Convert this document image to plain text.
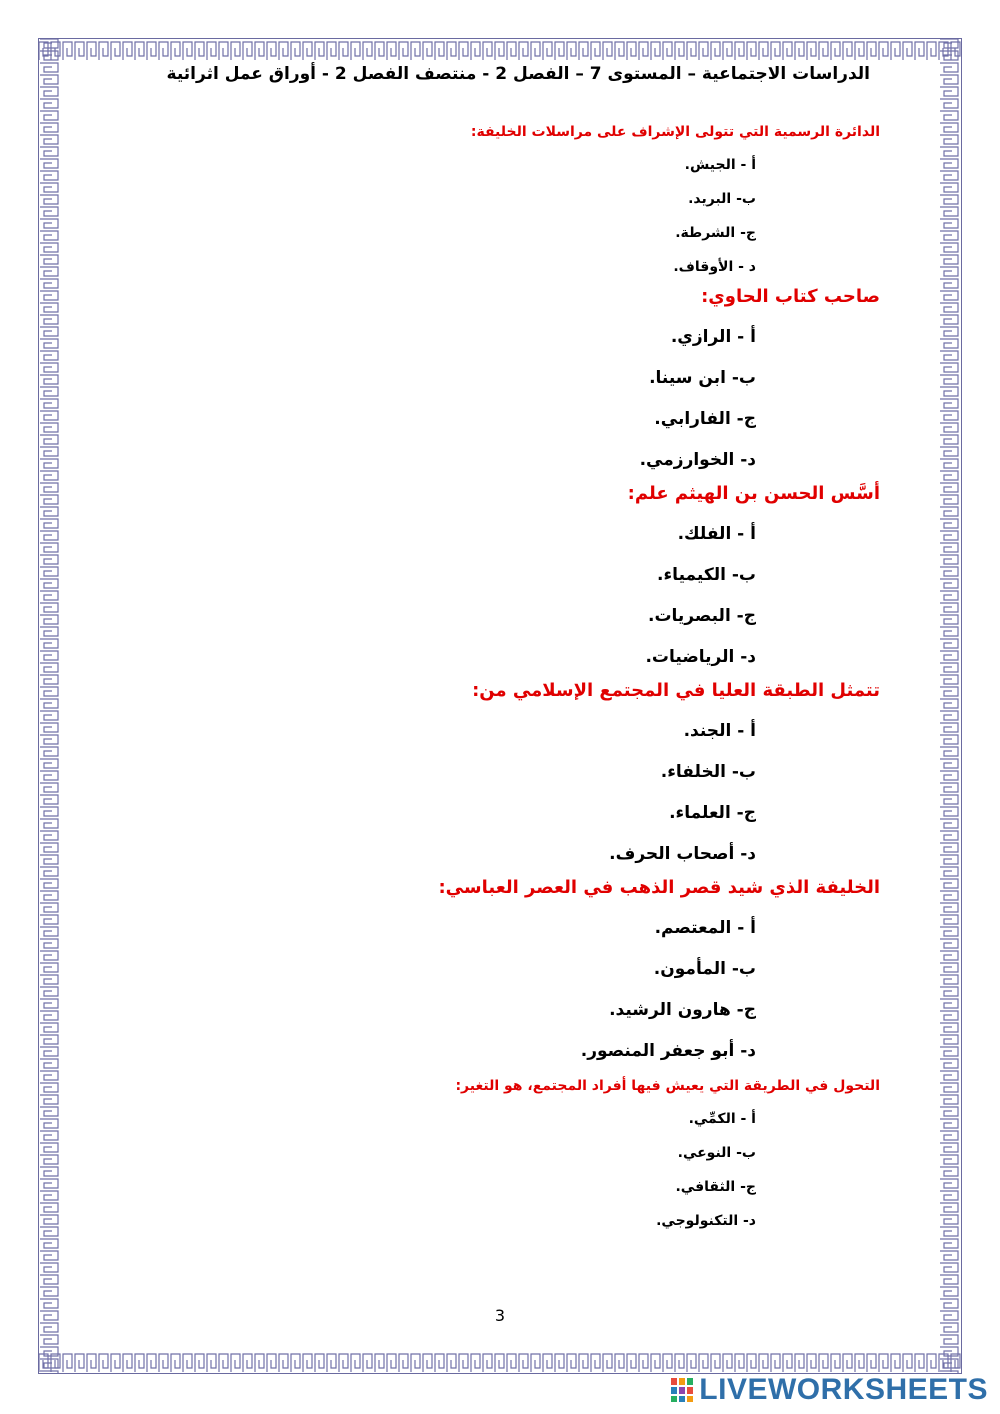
الدراسات الاجتماعية – المستوى 7 – الفصل 2 - منتصف الفصل 2 - أوراق عمل اثرائية
الدائرة الرسمية التي تتولى الإشراف على مراسلات الخليفة:
أ - الجيش.
ب- البريد.
ج- الشرطة.
د - الأوقاف.
صاحب كتاب الحاوي:
أ - الرازي.
ب- ابن سينا.
ج- الفارابي.
د- الخوارزمي.
أسَّس الحسن بن الهيثم علم:
أ - الفلك.
ب- الكيمياء.
ج- البصريات.
د- الرياضيات.
تتمثل الطبقة العليا في المجتمع الإسلامي من:
أ - الجند.
ب- الخلفاء.
ج- العلماء.
د- أصحاب الحرف.
الخليفة الذي شيد قصر الذهب في العصر العباسي:
أ - المعتصم.
ب- المأمون.
ج- هارون الرشيد.
د- أبو جعفر المنصور.
التحول في الطريقة التي يعيش فيها أفراد المجتمع، هو التغير:
أ - الكمِّي.
ب- النوعي.
ج- الثقافي.
د- التكنولوجي.
3
LIVEWORKSHEETS
